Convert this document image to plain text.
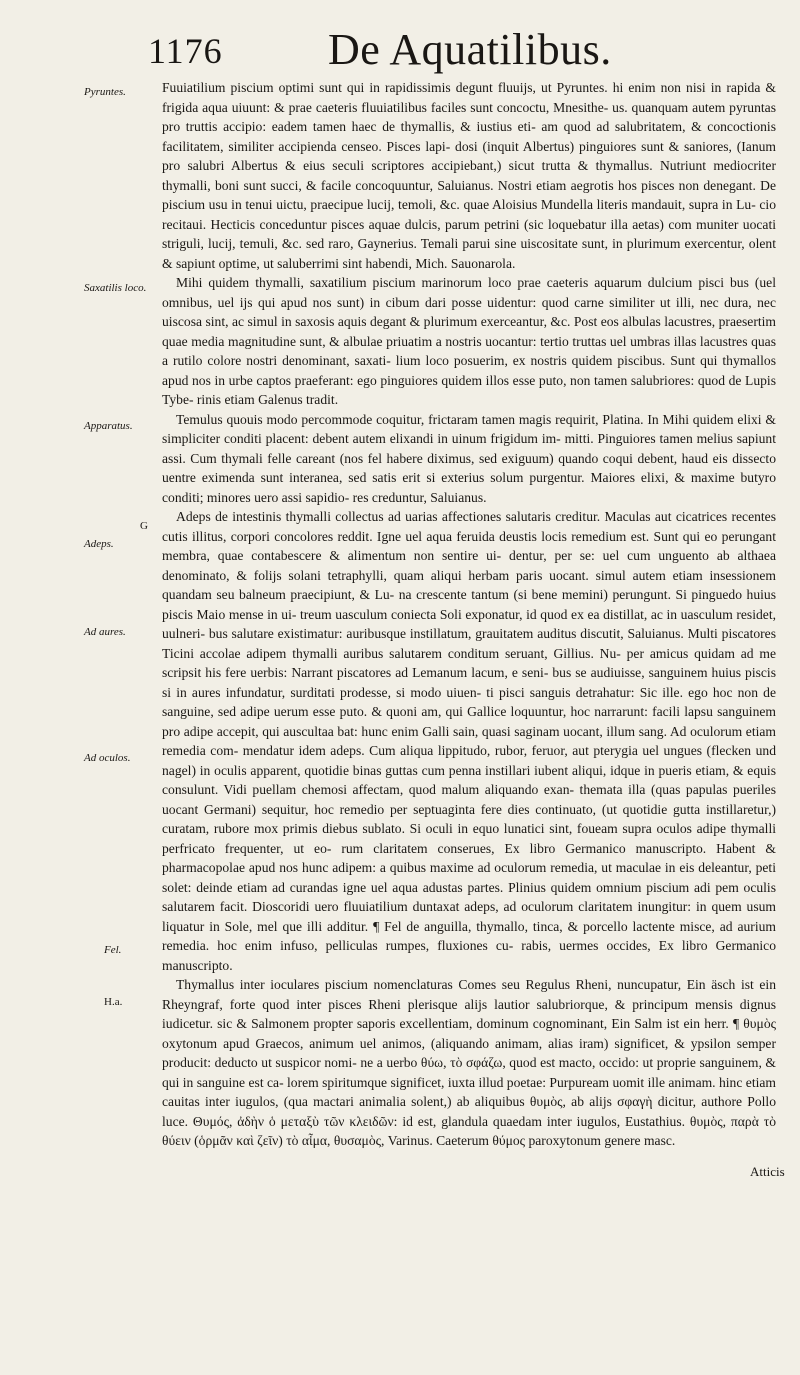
1176 De Aquatilibus.
Pyruntes.
Saxatilis loco.
Apparatus.
G
Adeps.
Ad aures.
Ad oculos.
Fel.
H.a.

Fuuiatilium piscium optimi sunt qui in rapidissimis degunt fluuijs, ut Pyruntes. hi enim non nisi in rapida & frigida aqua uiuunt: & prae caeteris fluuiatilibus faciles sunt concoctu, Mnesithe- us. quanquam autem pyruntas pro truttis accipio: eadem tamen haec de thymallis, & iustius eti- am quod ad salubritatem, & concoctionis facilitatem, similiter accipienda censeo. Pisces lapi- dosi (inquit Albertus) pinguiores sunt & saniores, (Ianum pro salubri Albertus & eius seculi scriptores accipiebant,) sicut trutta & thymallus. Nutriunt mediocriter thymalli, boni sunt succi, & facile concoquuntur, Saluianus. Nostri etiam aegrotis hos pisces non denegant. De piscium usu in tenui uictu, praecipue lucij, temoli, &c. quae Aloisius Mundella literis mandauit, supra in Lu- cio recitaui. Hecticis conceduntur pisces aquae dulcis, parum petrini (sic loquebatur illa aetas) com muniter uocati striguli, lucij, temuli, &c. sed raro, Gaynerius. Temali parui sine uiscositate sunt, in plurimum exercentur, olent & sapiunt optime, ut saluberrimi sint habendi, Mich. Sauonarola.

Mihi quidem thymalli, saxatilium piscium marinorum loco prae caeteris aquarum dulcium pisci bus (uel omnibus, uel ijs qui apud nos sunt) in cibum dari posse uidentur: quod carne similiter ut illi, nec dura, nec uiscosa sint, ac simul in saxosis aquis degant & plurimum exerceantur, &c. Post eos albulas lacustres, praesertim quae media magnitudine sunt, & albulae priuatim a nostris uocantur: tertio truttas uel umbras illas lacustres quas a rutilo colore nostri denominant, saxati- lium loco posuerim, ex nostris quidem piscibus. Sunt qui thymallos apud nos in urbe captos praeferant: ego pinguiores quidem illos esse puto, non tamen salubriores: quod de Lupis Tybe- rinis etiam Galenus tradit.

Temulus quouis modo percommode coquitur, frictaram tamen magis requirit, Platina. In Mihi quidem elixi & simpliciter conditi placent: debent autem elixandi in uinum frigidum im- mitti. Pinguiores tamen melius sapiunt assi. Cum thymali felle careant (nos fel habere diximus, sed exiguum) quando coqui debent, haud eis dissecto uentre eximenda sunt interanea, sed satis erit si exterius solum purgentur. Maiores elixi, & maxime butyro conditi; minores uero assi sapidio- res creduntur, Saluianus.

Adeps de intestinis thymalli collectus ad uarias affectiones salutaris creditur. Maculas aut cicatrices recentes cutis illitus, corpori concolores reddit. Igne uel aqua feruida deustis locis remedium est. Sunt qui eo perungant membra, quae contabescere & alimentum non sentire ui- dentur, per se: uel cum unguento ab althaea denominato, & folijs solani tetraphylli, quam aliqui herbam paris uocant. simul autem etiam insessionem quandam seu balneum praecipiunt, & Lu- na crescente tantum (si bene memini) perungunt. Si pinguedo huius piscis Maio mense in ui- treum uasculum coniecta Soli exponatur, id quod ex ea distillat, ac in uasculum residet, uulneri- bus salutare existimatur: auribusque instillatum, grauitatem auditus discutit, Saluianus. Multi piscatores Ticini accolae adipem thymalli auribus salutarem conditum seruant, Gillius. Nu- per amicus quidam ad me scripsit his fere uerbis: Narrant piscatores ad Lemanum lacum, e seni- bus se audiuisse, sanguinem huius piscis si in aures infundatur, surditati prodesse, si modo uiuen- ti pisci sanguis detrahatur: Sic ille. ego hoc non de sanguine, sed adipe uerum esse puto. & quoni am, qui Gallice loquuntur, hoc narrarunt: facili lapsu sanguinem pro adipe accepit, qui auscultaa bat: hunc enim Galli sain, quasi saginam uocant, illum sang. Ad oculorum etiam remedia com- mendatur idem adeps. Cum aliqua lippitudo, rubor, feruor, aut pterygia uel ungues (flecken und nagel) in oculis apparent, quotidie binas guttas cum penna instillari iubent aliqui, idque in pueris etiam, & equis consulunt. Vidi puellam chemosi affectam, quod malum aliquando exan- themata illa (quas papulas pueriles uocant Germani) sequitur, hoc remedio per septuaginta fere dies continuato, (ut quotidie gutta instillaretur,) curatam, rubore mox primis diebus sublato. Si oculi in equo lunatici sint, foueam supra oculos adipe thymalli perfricato frequenter, ut eo- rum claritatem conserues, Ex libro Germanico manuscripto. Habent & pharmacopolae apud nos hunc adipem: a quibus maxime ad oculorum remedia, ut maculae in eis deleantur, peti solet: deinde etiam ad curandas igne uel aqua adustas partes. Plinius quidem omnium piscium adi pem oculis salutarem facit. Dioscoridi uero fluuiatilium duntaxat adeps, ad oculorum claritatem inungitur: in quem usum liquatur in Sole, mel que illi additur. ¶ Fel de anguilla, thymallo, tinca, & porcello lactente misce, ad aurium remedia. hoc enim infuso, pelliculas rumpes, fluxiones cu- rabis, uermes occides, Ex libro Germanico manuscripto.

Thymallus inter ioculares piscium nomenclaturas Comes seu Regulus Rheni, nuncupatur, Ein äsch ist ein Rheyngraf, forte quod inter pisces Rheni plerisque alijs lautior salubriorque, & principum mensis dignus iudicetur. sic & Salmonem propter saporis excellentiam, dominum cognominant, Ein Salm ist ein herr. ¶ θυμὸς oxytonum apud Graecos, animum uel animos, (aliquando animam, alias iram) significet, & ypsilon semper producit: deducto ut suspicor nomi- ne a uerbo θύω, τὸ σφάζω, quod est macto, occido: ut proprie sanguinem, & qui in sanguine est ca- lorem spiritumque significet, iuxta illud poetae: Purpuream uomit ille animam. hinc etiam cauitas inter iugulos, (qua mactari animalia solent,) ab aliquibus θυμὸς, ab alijs σφαγὴ dicitur, authore Pollo luce. Θυμός, ἀδὴν ὁ μεταξὺ τῶν κλειδῶν: id est, glandula quaedam inter iugulos, Eustathius. θυμὸς, παρὰ τὸ θύειν (ὁρμᾶν καὶ ζεῖν) τὸ αἷμα, θυσαμὸς, Varinus. Caeterum θύμος paroxytonum genere masc.

Atticis
